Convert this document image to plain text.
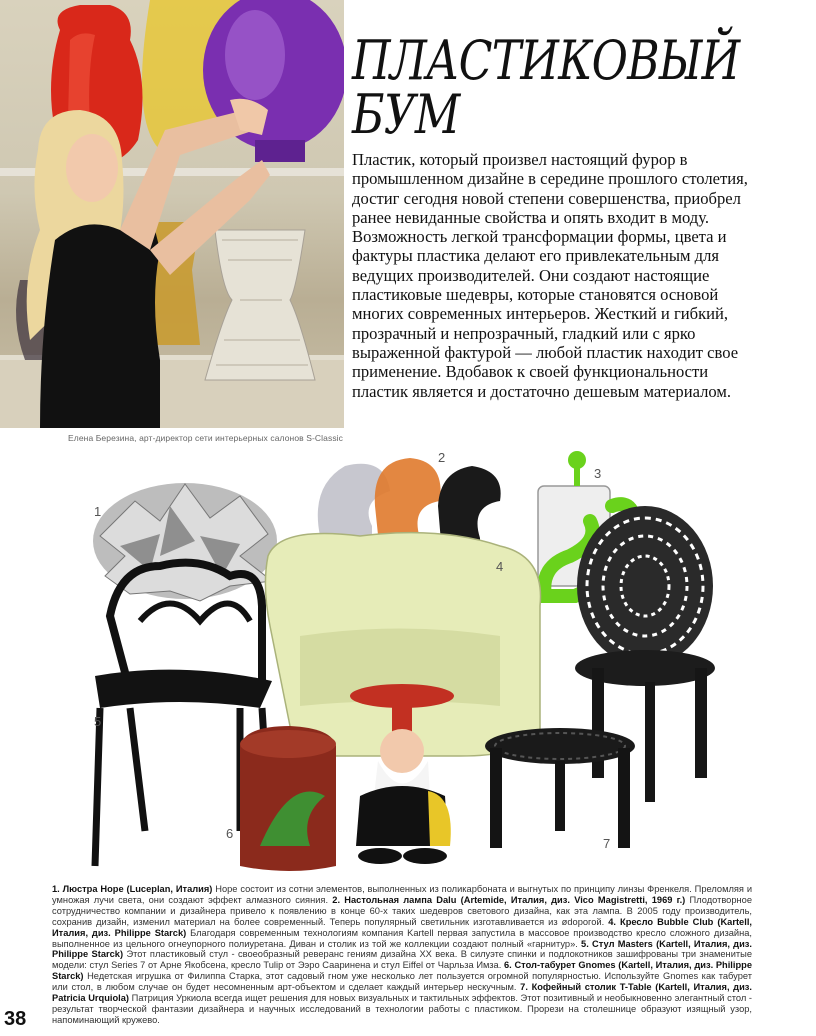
Елена Березина, арт-директор сети интерьерных салонов S-Classic
ПЛАСТИКОВЫЙ
БУМ

Пластик, который произвел настоящий фурор в промышленном дизайне в середине прошлого столетия, достиг сегодня новой степени совершенства, приобрел ранее невиданные свойства и опять входит в моду. Возможность легкой трансформации формы, цвета и фактуры пластика делают его привлекательным для ведущих производителей. Они создают настоящие пластиковые шедевры, которые становятся основой многих современных интерьеров. Жесткий и гибкий, прозрачный и непрозрачный, гладкий или с ярко выраженной фактурой — любой пластик находит свое применение. Вдобавок к своей функциональности пластик является и достаточно дешевым материалом.

1
2
3
4
5
6
7
1. Люстра Hope (Luceplan, Италия) Hope состоит из сотни элементов, выполненных из поликарбоната и выгнутых по принципу линзы Френкеля. Преломляя и умножая лучи света, они создают эффект алмазного сияния. 2. Настольная лампа Dalu (Artemide, Италия, диз. Vico Magistretti, 1969 г.) Плодотворное сотрудничество компании и дизайнера привело к появлению в конце 60-х таких шедевров светового дизайна, как эта лампа. В 2005 году производитель, сохранив дизайн, изменил материал на более современный. Теперь популярный светильник изготавливается из ødopогой. 4. Кресло Bubble Club (Kartell, Италия, диз. Philippe Starck) Благодаря современным технологиям компания Kartell первая запустила в массовое производство кресло сложного дизайна, выполненное из цельного огнеупорного полиуретана. Диван и столик из той же коллекции создают полный «гарнитур». 5. Стул Masters (Kartell, Италия, диз. Philippe Starck) Этот пластиковый стул - своеобразный реверанс гениям дизайна XX века. В силуэте спинки и подлокотников зашифрованы три знаменитые модели: стул Series 7 от Арне Якобсена, кресло Tulip от Ээро Сааринена и стул Eiffel от Чарльза Имза. 6. Стол-табурет Gnomes (Kartell, Италия, диз. Philippe Starck) Недетская игрушка от Филиппа Старка, этот садовый гном уже несколько лет пользуется огромной популярностью. Используйте Gnomes как табурет или стол, в любом случае он будет несомненным арт-объектом и сделает каждый интерьер нескучным. 7. Кофейный столик T-Table (Kartell, Италия, диз. Patricia Urquiola) Патриция Уркиола всегда ищет решения для новых визуальных и тактильных эффектов. Этот позитивный и необыкновенно элегантный стол - результат творческой фантазии дизайнера и научных исследований в технологии работы с пластиком. Прорези на столешнице образуют изящный узор, напоминающий кружево.
38
